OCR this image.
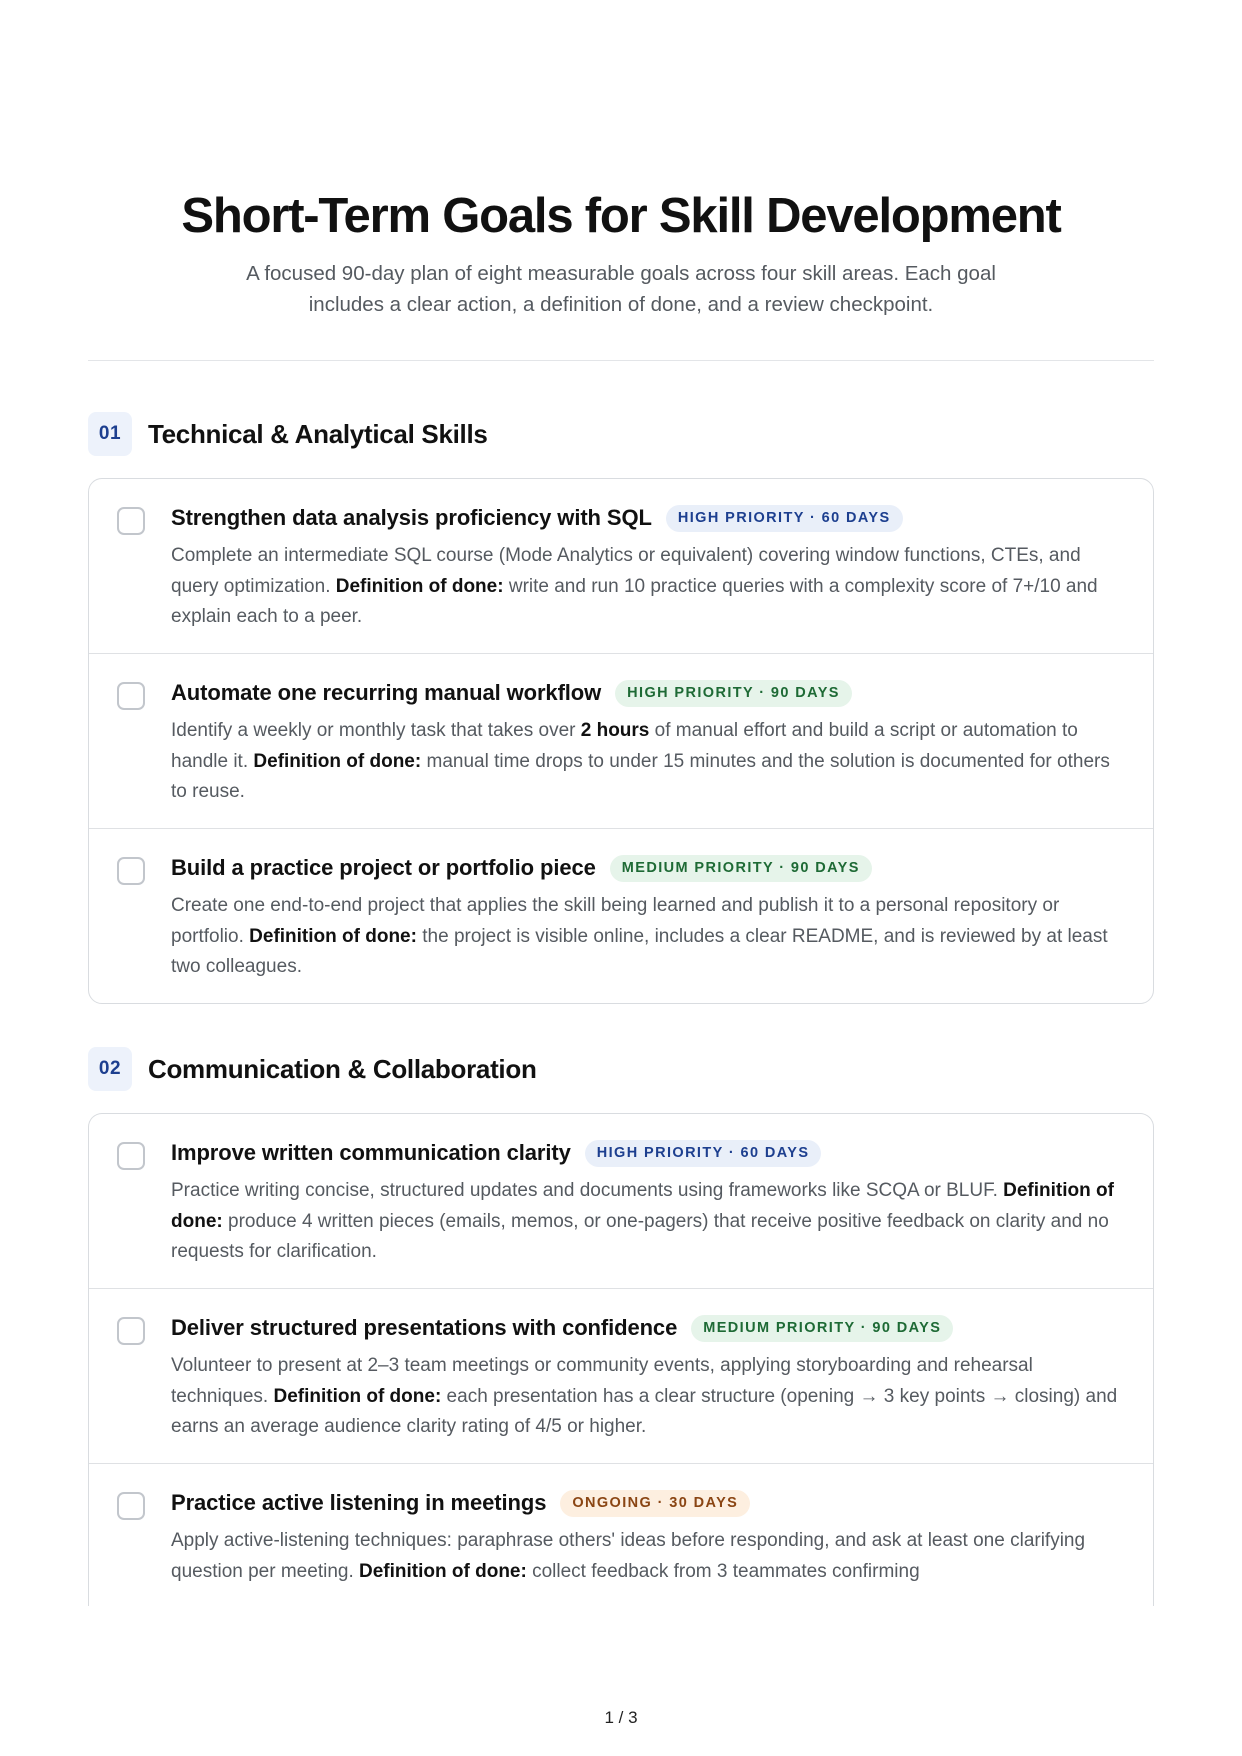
Short-Term Goals for Skill Development
A focused 90-day plan of eight measurable goals across four skill areas. Each goal includes a clear action, a definition of done, and a review checkpoint.
01	Technical & Analytical Skills
Strengthen data analysis proficiency with SQL	HIGH PRIORITY · 60 DAYS
Complete an intermediate SQL course (Mode Analytics or equivalent) covering window functions, CTEs, and query optimization. Definition of done: write and run 10 practice queries with a complexity score of 7+/10 and explain each to a peer.
Automate one recurring manual workflow	HIGH PRIORITY · 90 DAYS
Identify a weekly or monthly task that takes over 2 hours of manual effort and build a script or automation to handle it. Definition of done: manual time drops to under 15 minutes and the solution is documented for others to reuse.
Build a practice project or portfolio piece	MEDIUM PRIORITY · 90 DAYS
Create one end-to-end project that applies the skill being learned and publish it to a personal repository or portfolio. Definition of done: the project is visible online, includes a clear README, and is reviewed by at least two colleagues.
02	Communication & Collaboration
Improve written communication clarity	HIGH PRIORITY · 60 DAYS
Practice writing concise, structured updates and documents using frameworks like SCQA or BLUF. Definition of done: produce 4 written pieces (emails, memos, or one-pagers) that receive positive feedback on clarity and no requests for clarification.
Deliver structured presentations with confidence	MEDIUM PRIORITY · 90 DAYS
Volunteer to present at 2–3 team meetings or community events, applying storyboarding and rehearsal techniques. Definition of done: each presentation has a clear structure (opening → 3 key points → closing) and earns an average audience clarity rating of 4/5 or higher.
Practice active listening in meetings	ONGOING · 30 DAYS
Apply active-listening techniques: paraphrase others' ideas before responding, and ask at least one clarifying question per meeting. Definition of done: collect feedback from 3 teammates confirming
1 / 3
